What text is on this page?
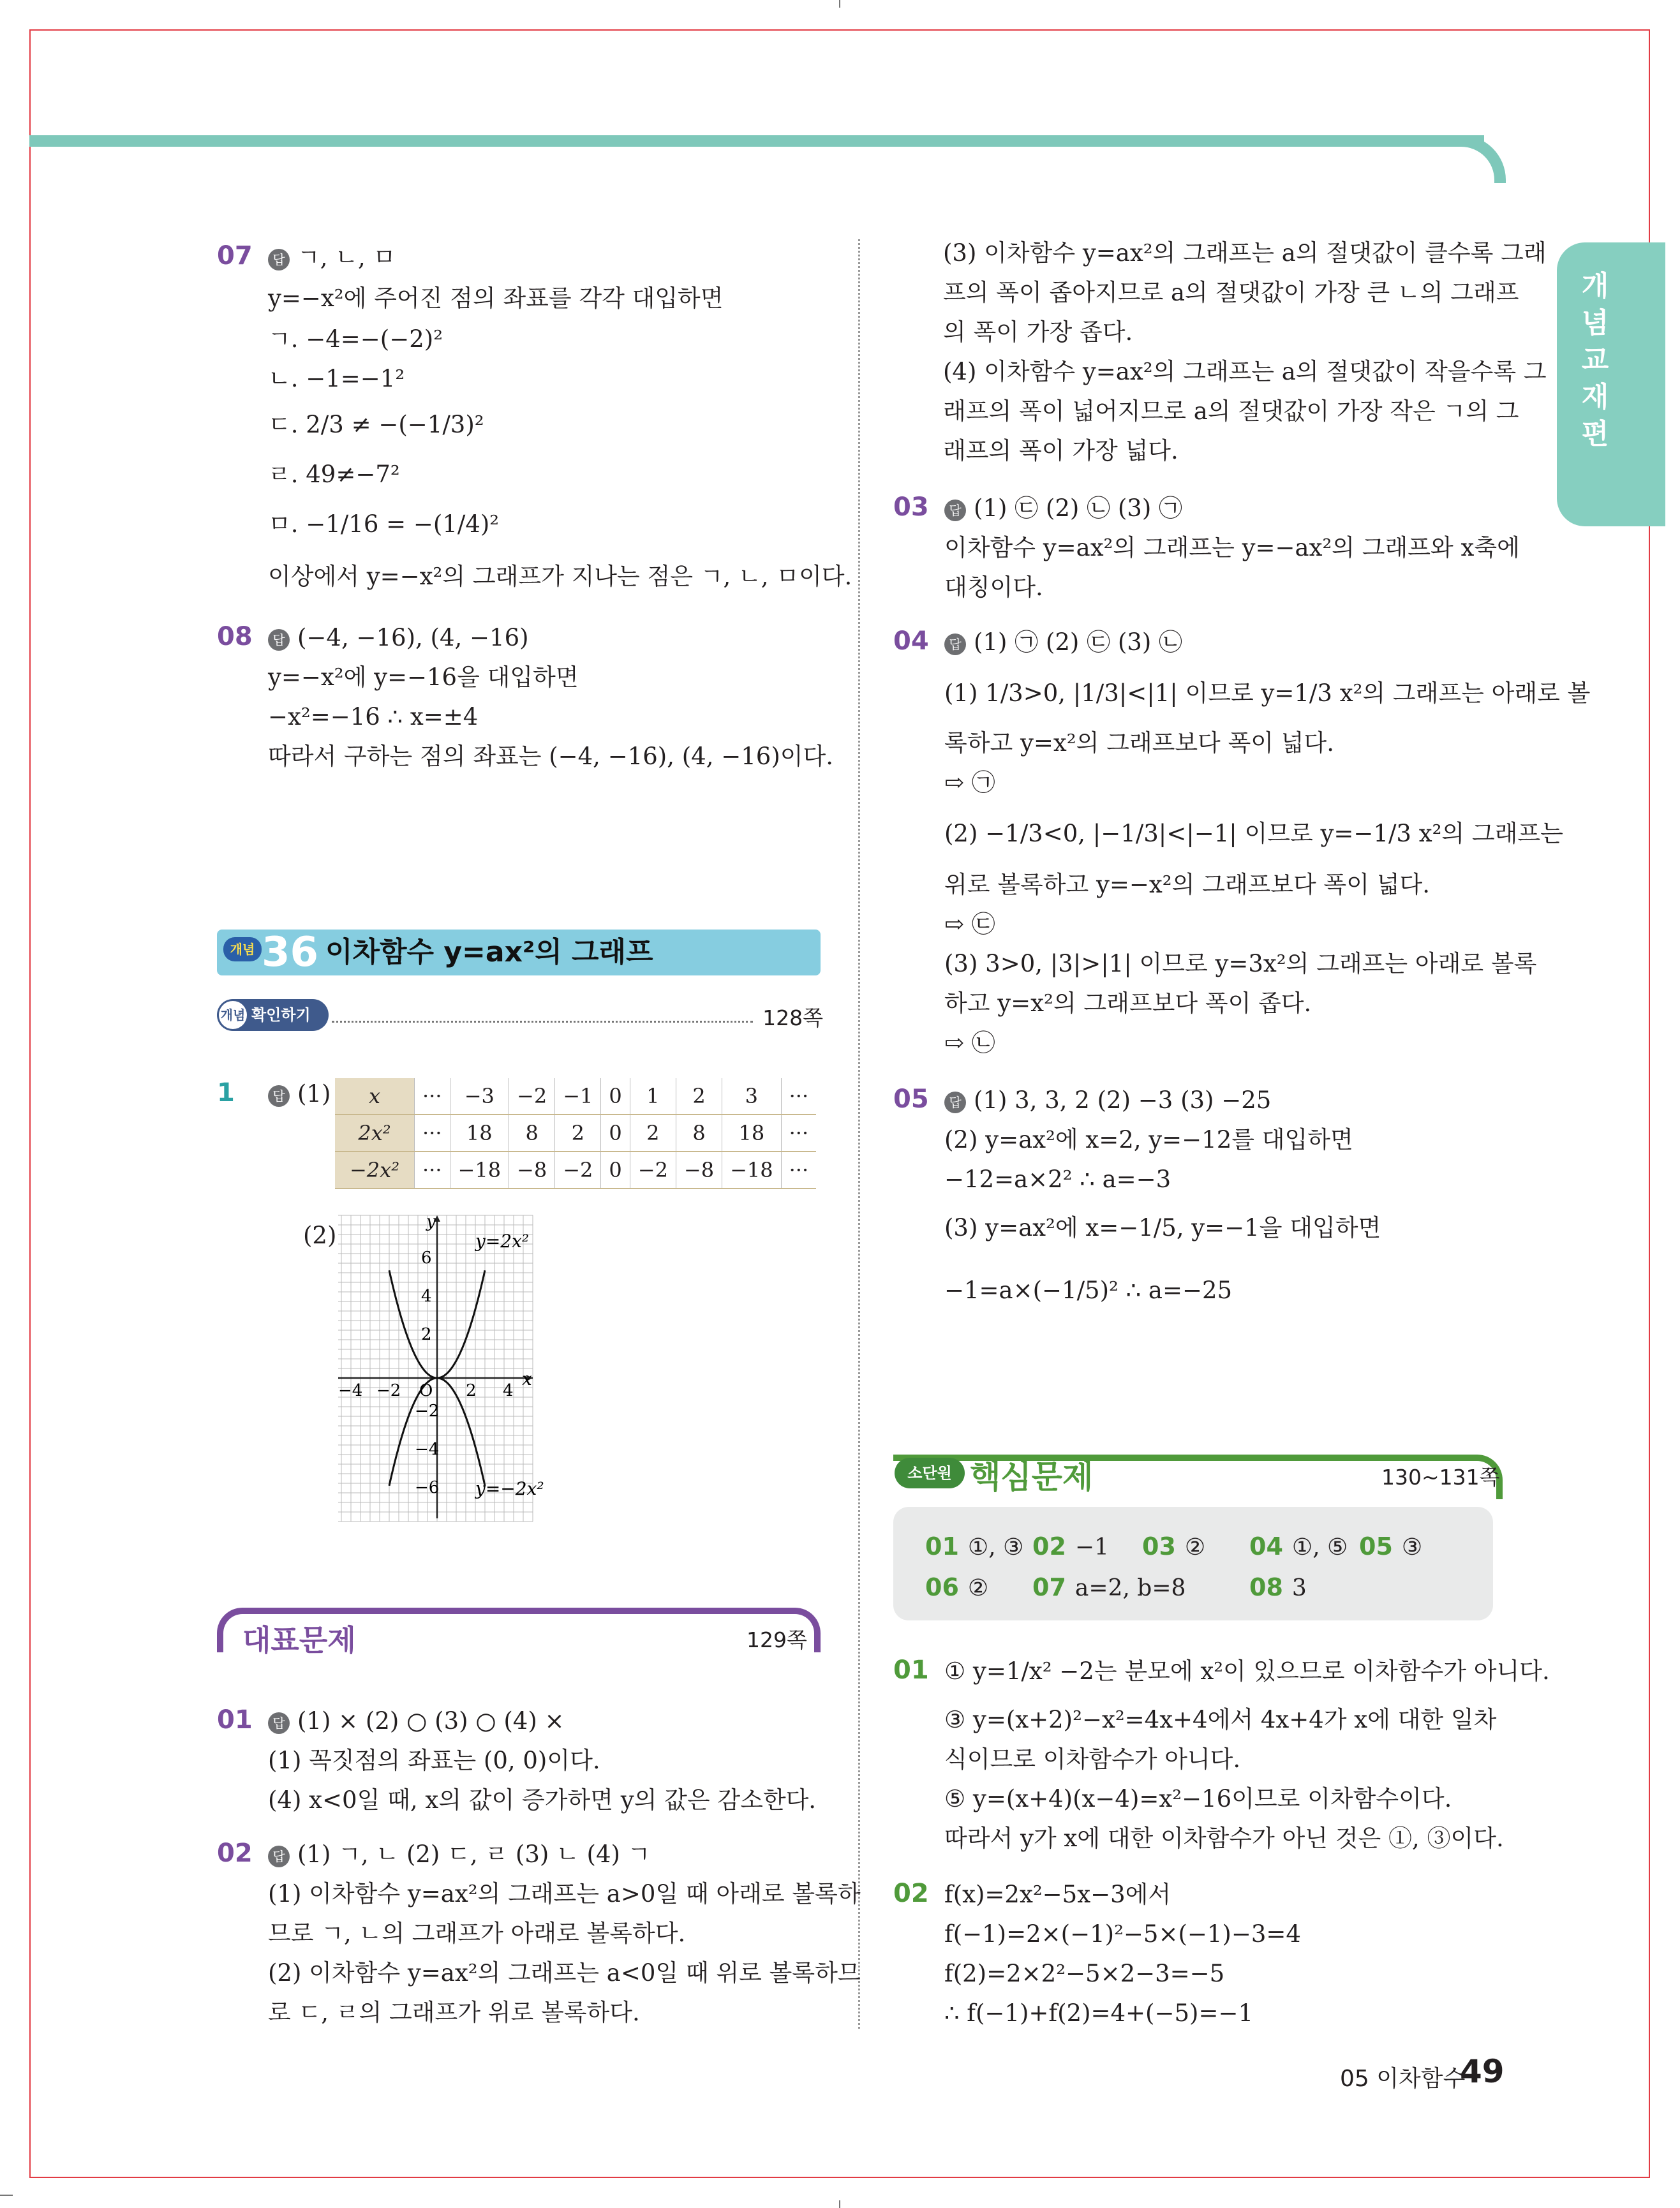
개
념
교
재
편
07	답 ㄱ, ㄴ, ㅁ
y=−x²에 주어진 점의 좌표를 각각 대입하면
ㄱ. −4=−(−2)²
ㄴ. −1=−1²
ㄷ. 2/3 ≠ −(−1/3)²
ㄹ. 49≠−7²
ㅁ. −1/16 = −(1/4)²
이상에서 y=−x²의 그래프가 지나는 점은 ㄱ, ㄴ, ㅁ이다.
08	답 (−4, −16), (4, −16)
y=−x²에 y=−16을 대입하면
−x²=−16 ∴ x=±4
따라서 구하는 점의 좌표는 (−4, −16), (4, −16)이다.
개념 36 이차함수 y=ax²의 그래프
개념 확인하기	128쪽
1	답 (1)
(2)
x	···	−3	−2	−1	0	1	2	3	···
2x²	···	18	8	2	0	2	8	18	···
−2x²	···	−18	−8	−2	0	−2	−8	−18	···
y=2x²
y=−2x²
x
y
O
−4 −2	2 4
6
4
2
−2
−4
−6
대표문제	129쪽
01	답 (1) × (2) ○ (3) ○ (4) ×
(1) 꼭짓점의 좌표는 (0, 0)이다.
(4) x<0일 때, x의 값이 증가하면 y의 값은 감소한다.
02	답 (1) ㄱ, ㄴ (2) ㄷ, ㄹ (3) ㄴ (4) ㄱ
(1) 이차함수 y=ax²의 그래프는 a>0일 때 아래로 볼록하
므로 ㄱ, ㄴ의 그래프가 아래로 볼록하다.
(2) 이차함수 y=ax²의 그래프는 a<0일 때 위로 볼록하므
로 ㄷ, ㄹ의 그래프가 위로 볼록하다.
(3) 이차함수 y=ax²의 그래프는 a의 절댓값이 클수록 그래
프의 폭이 좁아지므로 a의 절댓값이 가장 큰 ㄴ의 그래프
의 폭이 가장 좁다.
(4) 이차함수 y=ax²의 그래프는 a의 절댓값이 작을수록 그
래프의 폭이 넓어지므로 a의 절댓값이 가장 작은 ㄱ의 그
래프의 폭이 가장 넓다.
03	답 (1) ㉢ (2) ㉡ (3) ㉠
이차함수 y=ax²의 그래프는 y=−ax²의 그래프와 x축에
대칭이다.
04	답 (1) ㉠ (2) ㉢ (3) ㉡
(1) 1/3>0, |1/3|<|1| 이므로 y=1/3 x²의 그래프는 아래로 볼
록하고 y=x²의 그래프보다 폭이 넓다.
⇨ ㉠
(2) −1/3<0, |−1/3|<|−1| 이므로 y=−1/3 x²의 그래프는
위로 볼록하고 y=−x²의 그래프보다 폭이 넓다.
⇨ ㉢
(3) 3>0, |3|>|1| 이므로 y=3x²의 그래프는 아래로 볼록
하고 y=x²의 그래프보다 폭이 좁다.
⇨ ㉡
05	답 (1) 3, 3, 2 (2) −3 (3) −25
(2) y=ax²에 x=2, y=−12를 대입하면
−12=a×2² ∴ a=−3
(3) y=ax²에 x=−1/5, y=−1을 대입하면
−1=a×(−1/5)² ∴ a=−25
소단원 핵심문제	130~131쪽
01 ①, ③ 02 −1 03 ② 04 ①, ⑤ 05 ③
06 ② 07 a=2, b=8	08 3
01 ① y=1/x² −2는 분모에 x²이 있으므로 이차함수가 아니다.
③ y=(x+2)²−x²=4x+4에서 4x+4가 x에 대한 일차
식이므로 이차함수가 아니다.
⑤ y=(x+4)(x−4)=x²−16이므로 이차함수이다.
따라서 y가 x에 대한 이차함수가 아닌 것은 ①, ③이다.
02 f(x)=2x²−5x−3에서
f(−1)=2×(−1)²−5×(−1)−3=4
f(2)=2×2²−5×2−3=−5
∴ f(−1)+f(2)=4+(−5)=−1
05 이차함수
49
